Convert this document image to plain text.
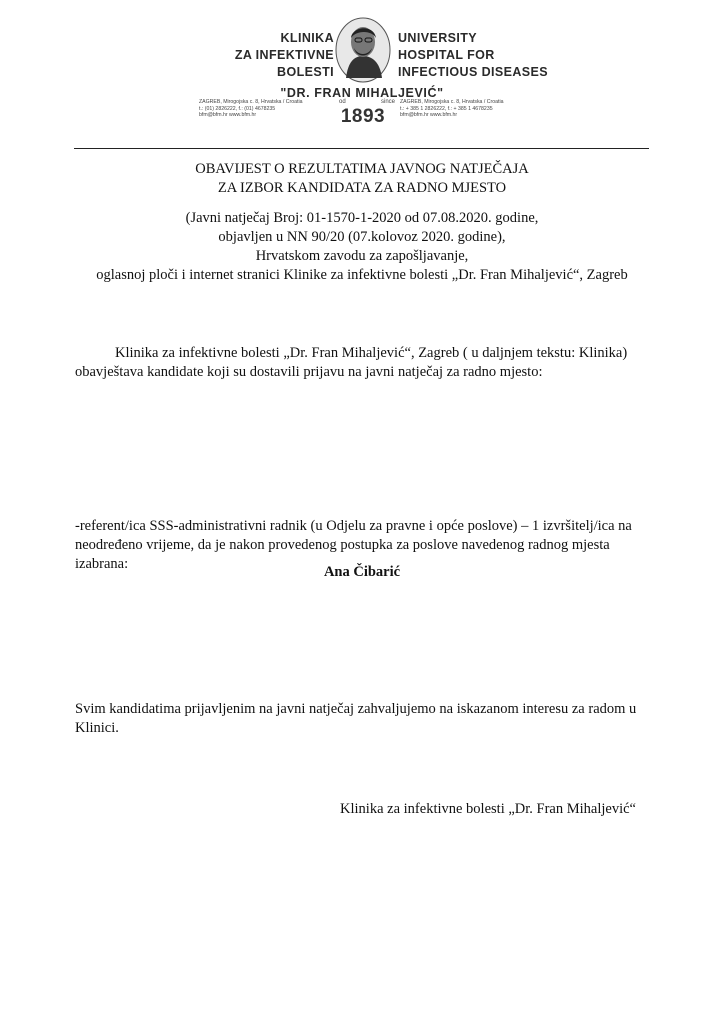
KLINIKA
ZA INFEKTIVNE
BOLESTI
UNIVERSITY
HOSPITAL FOR
INFECTIOUS DISEASES
"DR. FRAN MIHALJEVIĆ"
ZAGREB, Mirogojska c. 8, Hrvatska / Croatia
t.: (01) 2826222, f.: (01) 4678235
bfm@bfm.hr www.bfm.hr
od	since
1893
ZAGREB, Mirogojska c. 8, Hrvatska / Croatia
t.: + 385 1 2826222, f.: + 385 1 4678235
bfm@bfm.hr www.bfm.hr
OBAVIJEST O REZULTATIMA JAVNOG NATJEČAJA
ZA IZBOR KANDIDATA ZA RADNO MJESTO
(Javni natječaj Broj: 01-1570-1-2020 od 07.08.2020. godine,
objavljen u NN 90/20 (07.kolovoz 2020. godine),
Hrvatskom zavodu za zapošljavanje,
oglasnoj ploči i internet stranici Klinike za infektivne bolesti „Dr. Fran Mihaljević“, Zagreb
Klinika za infektivne bolesti „Dr. Fran Mihaljević“, Zagreb ( u daljnjem tekstu: Klinika)
obavještava kandidate koji su dostavili prijavu na javni natječaj za radno mjesto:
-referent/ica SSS-administrativni radnik (u Odjelu za pravne i opće poslove) – 1 izvršitelj/ica na
neodređeno vrijeme, da je nakon provedenog postupka za poslove navedenog radnog mjesta
izabrana:	Ana Čibarić
Svim kandidatima prijavljenim na javni natječaj zahvaljujemo na iskazanom interesu za radom u
Klinici.
Klinika za infektivne bolesti „Dr. Fran Mihaljević“
